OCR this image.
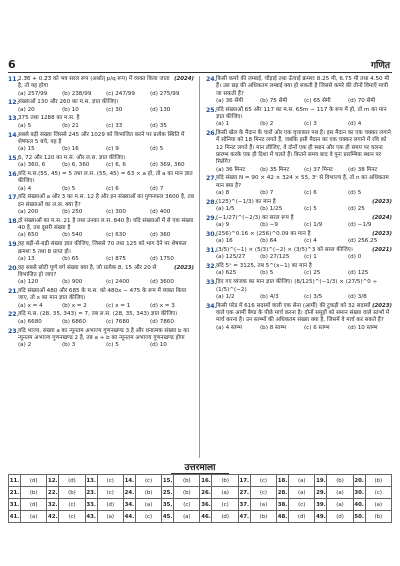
6	गणित
11.	(2024)
2.3̅6̅ + 0.2̅3̅ को भव सरल रूप (अर्थात् p/q रूप) में व्यक्त किया जाता है, तो यह होगा
(a) 257/99	(b) 238/99	(c) 247/99	(d) 275/99
12. संख्याओं 130 और 260 का म.स. ज्ञात कीजिए।
(a) 20	(b) 10	(c) 30	(d) 130
13. 375 तथा 1288 का म.स. है
(a) 5	(b) 21	(c) 33	(d) 35
14. सबसे बड़ी संख्या जिससे 245 और 1029 को विभाजित करने पर प्रत्येक स्थिति में शेषफल 5 बचे, वह है
(a) 15	(b) 16	(c) 9	(d) 5
15. 6, 72 और 120 का म.स. और ल.स. ज्ञात कीजिए।
(a) 360, 6	(b) 6, 360	(c) 6, 6	(d) 369, 360
16. यदि म.स.(55, 45) = 5 तथा ल.स. (55, 45) = 63 × a हो, तो a का मान ज्ञात कीजिए।
(a) 4	(b) 5	(c) 6	(d) 7
17. यदि संख्याओं a और 3 का म.स. 12 है और इन संख्याओं का गुणनफल 3600 है, तब इन संख्याओं का ल.स. क्या है?
(a) 200	(b) 250	(c) 300	(d) 400
18. दो संख्याओं का म.स. 21 है तथा उनका ल.स. 840 है। यदि संख्याओं में से एक संख्या 40 है, तब दूसरी संख्या है
(a) 650	(b) 540	(c) 630	(d) 360
19. वह बड़ी-से-बड़ी संख्या ज्ञात कीजिए, जिससे 70 तथा 125 को भाग देने पर शेषफल क्रमशः 5 तथा 8 प्राप्त हो।
(a) 13	(b) 65	(c) 875	(d) 1750
20.	(2023)
वह सबसे छोटी पूर्ण वर्ग संख्या क्या है, जो प्रत्येक 8, 15 और 20 से विभाजित हो जाए?
(a) 120	(b) 900	(c) 2400	(d) 3600
21. यदि संख्याओं 480 और 685 के म.स. को 480x − 475 के रूप में व्यक्त किया जाए, तो x का मान ज्ञात कीजिए।
(a) x = 4	(b) x = 2	(c) x = 1	(d) x = 3
22. यदि म.स. (28, 35, 343) = 7, तब ल.स. (28, 35, 343) ज्ञात कीजिए।
(a) 6680	(b) 6860	(c) 7680	(d) 7860
23. यदि भाज्य, संख्या a का न्यूनतम अभाज्य गुणनखण्ड 3 है और धनात्मक संख्या b का न्यूनतम अभाज्य गुणनखण्ड 2 है, तब a + b का न्यूनतम अभाज्य गुणनखण्ड होगा
(a) 2	(b) 3	(c) 5	(d) 10
24. किसी कमरे की लम्बाई, चौड़ाई तथा ऊँचाई क्रमशः 8.25 मी, 6.75 मी तथा 4.50 मी हैं। उस छड़ की अधिकतम लम्बाई क्या हो सकती है जिससे कमरे की तीनों विमाएँ मापी जा सकती हैं?
(a) 36 सेमी	(b) 75 सेमी	(c) 65 सेमी	(d) 70 सेमी
25. यदि संख्याओं 65 और 117 का म.स. 65m − 117 के रूप में हो, तो m का मान ज्ञात कीजिए।
(a) 1	(b) 2	(c) 3	(d) 4
26. किसी खेल के मैदान के चारों ओर एक वृत्ताकार पथ है। इस मैदान का एक चक्कर लगाने में सोनिया को 18 मिनट लगते हैं, जबकि इसी मैदान का एक चक्कर लगाने में रवि को 12 मिनट लगते हैं। मान लीजिए, वे दोनों एक ही स्थान और एक ही समय पर चलना प्रारम्भ करके एक ही दिशा में चलते हैं। कितने समय बाद वे पुनः प्रारम्भिक स्थान पर मिलेंगे?
(a) 36 मिनट	(b) 35 मिनट	(c) 37 मिनट	(d) 38 मिनट
27. यदि संख्या N = 90 × 42 × 324 × 55, 3ⁿ से विभाज्य है, तो n का अधिकतम मान क्या है?
(a) 8	(b) 7	(c) 6	(d) 5
28.	(2023)
(125)^(−1/3) का मान है
(a) 1/5	(b) 1/25	(c) 5	(d) 25
29.	(2024)
(−1/27)^(−2/3) का सरल रूप है
(a) 9	(b) −9	(c) 1/9	(d) −1/9
30.	(2023)
(256)^0.16 × (256)^0.09 का मान है
(a) 16	(b) 64	(c) 4	(d) 256.25
31.	(2021)
(3/5)^(−1) × (5/3)^(−2) × (3/5)^3 को सरल कीजिए।
(a) 125/27	(b) 27/125	(c) 1	(d) 0
32. यदि 5ˣ = 3125, तब 5^(x−1) का मान है
(a) 625	(b) 5	(c) 25	(d) 125
33. दिए गए व्यंजक का मान ज्ञात कीजिए। (8/125)^(−1/3) × (27/5)^0 ÷ (1/5)^(−2)
(a) 1/2	(b) 4/3	(c) 3/5	(d) 3/8
34.	(2023)
किसी परेड में 616 सदस्यों वाली एक सेना (आर्मी) की टुकड़ी को 32 सदस्यों वाले एक आर्मी बैण्ड के पीछे मार्च करना है। दोनों समूहों को समान संख्या वाले स्तंभों में मार्च करना है। उन स्तम्भों की अधिकतम संख्या क्या है, जिसमें वे मार्च कर सकते हैं?
(a) 4 स्तम्भ	(b) 8 स्तम्भ	(c) 6 स्तम्भ	(d) 10 स्तम्भ
उत्तरमाला
11.	(d)	12.	(d)	13.	(c)	14.	(c)	15.	(b)	16.	(b)	17.	(c)	18.	(a)	19.	(b)	20.	(b)
21.	(b)	22.	(b)	23.	(c)	24.	(b)	25.	(b)	26.	(a)	27.	(c)	28.	(a)	29.	(a)	30.	(c)
31.	(d)	32.	(c)	33.	(d)	34.	(a)	35.	(c)	36.	(c)	37.	(a)	38.	(c)	39.	(a)	40.	(a)
41.	(a)	42.	(c)	43.	(a)	44.	(c)	45.	(a)	46.	(d)	47.	(b)	48.	(d)	49.	(d)	50.	(b)
